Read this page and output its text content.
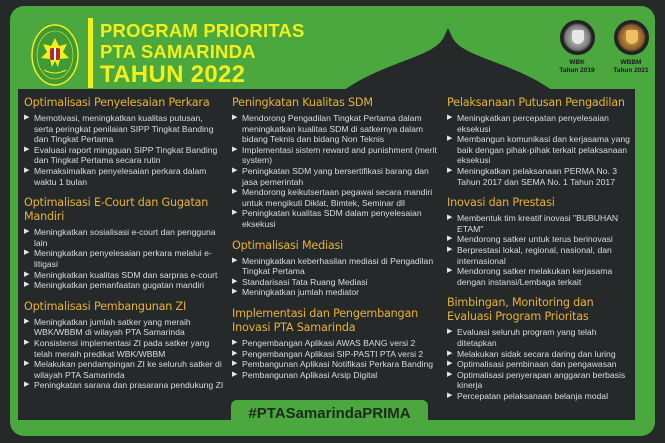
PROGRAM PRIORITAS
PTA SAMARINDA
TAHUN 2022	WBK
Tahun 2019
WBBM
Tahun 2021
Optimalisasi Penyelesaian Perkara
▶ Memotivasi, meningkatkan kualitas putusan, serta peringkat penilaian SIPP Tingkat Banding dan Tingkat Pertama
▶ Evaluasi raport mingguan SIPP Tingkat Banding dan Tingkat Pertama secara rutin
▶ Memaksimalkan penyelesaian perkara dalam waktu 1 bulan
Optimalisasi E-Court dan Gugatan Mandiri
▶ Meningkatkan sosialisasi e-court dan pengguna lain
▶ Meningkatkan penyelesaian perkara melalui e-litigasi
▶ Meningkatkan kualitas SDM dan sarpras e-court
▶ Meningkatkan pemanfaatan gugatan mandiri
Optimalisasi Pembangunan ZI
▶ Meningkatkan jumlah satker yang meraih WBK/WBBM di wilayah PTA Samarinda
▶ Konsistensi implementasi ZI pada satker yang telah meraih predikat WBK/WBBM
▶ Melakukan pendampingan ZI ke seluruh satker di wilayah PTA Samarinda
▶ Peningkatan sarana dan prasarana pendukung ZI
Peningkatan Kualitas SDM
▶ Mendorong Pengadilan Tingkat Pertama dalam meningkatkan kualitas SDM di satkernya dalam bidang Teknis dan bidang Non Teknis
▶ Implementasi sistem reward and punishment (merit system)
▶ Peningkatan SDM yang bersertifikasi barang dan jasa pemerintah
▶ Mendorong keikutsertaan pegawai secara mandiri untuk mengikuti Diklat, Bimtek, Seminar dll
▶ Peningkatan kualitas SDM dalam penyelesaian eksekusi
Optimalisasi Mediasi
▶ Meningkatkan keberhasilan mediasi di Pengadilan Tingkat Pertama
▶ Standarisasi Tata Ruang Mediasi
▶ Meningkatkan jumlah mediator
Implementasi dan Pengembangan Inovasi PTA Samarinda
▶ Pengembangan Aplikasi AWAS BANG versi 2
▶ Pengembangan Aplikasi SIP-PASTI PTA versi 2
▶ Pembangunan Aplikasi Notifikasi Perkara Banding
▶ Pembangunan Aplikasi Arsip Digital
#PTASamarindaPRIMA
Pelaksanaan Putusan Pengadilan
▶ Meningkatkan percepatan penyelesaian eksekusi
▶ Membangun komunikasi dan kerjasama yang baik dengan pihak-pihak terkait pelaksanaan eksekusi
▶ Meningkatkan pelaksanaan PERMA No. 3 Tahun 2017 dan SEMA No. 1 Tahun 2017
Inovasi dan Prestasi
▶ Membentuk tim kreatif inovasi "BUBUHAN ETAM"
▶ Mendorong satker untuk terus berinovasi
▶ Berprestasi lokal, regional, nasional, dan internasional
▶ Mendorong satker melakukan kerjasama dengan instansi/Lembaga terkait
Bimbingan, Monitoring dan Evaluasi Program Prioritas
▶ Evaluasi seluruh program yang telah ditetapkan
▶ Melakukan sidak secara daring dan luring
▶ Optimalisasi pembinaan dan pengawasan
▶ Optimalisasi penyerapan anggaran berbasis kinerja
▶ Percepatan pelaksanaan belanja modal
